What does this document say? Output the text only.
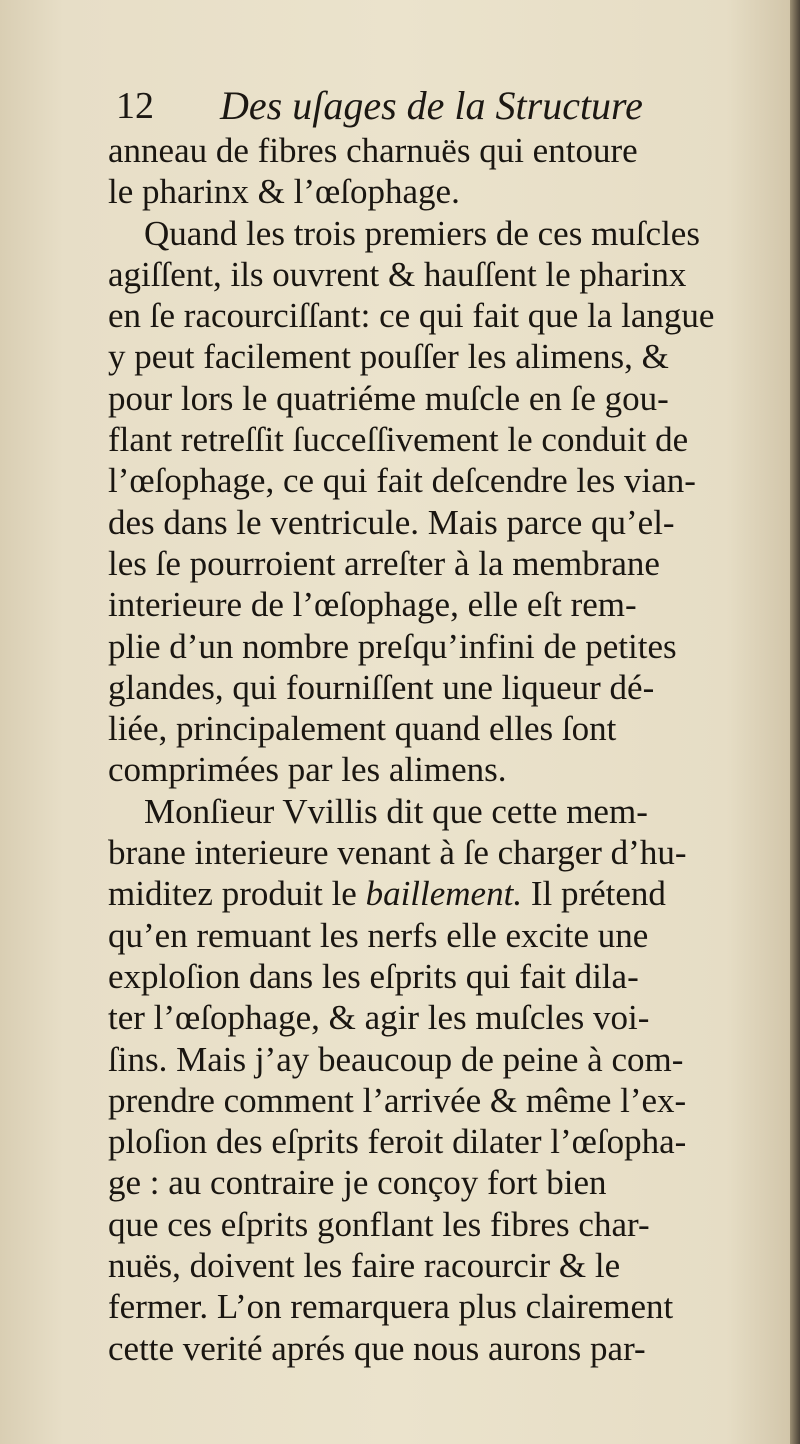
12 Des uſages de la Structure
anneau de fibres charnuës qui entoure
le pharinx & l’œſophage.
Quand les trois premiers de ces muſcles
agiſſent, ils ouvrent & hauſſent le pharinx
en ſe racourciſſant: ce qui fait que la langue
y peut facilement pouſſer les alimens, &
pour lors le quatriéme muſcle en ſe gou-
flant retreſſit ſucceſſivement le conduit de
l’œſophage, ce qui fait deſcendre les vian-
des dans le ventricule. Mais parce qu’el-
les ſe pourroient arreſter à la membrane
interieure de l’œſophage, elle eſt rem-
plie d’un nombre preſqu’infini de petites
glandes, qui fourniſſent une liqueur dé-
liée, principalement quand elles ſont
comprimées par les alimens.
Monſieur Vvillis dit que cette mem-
brane interieure venant à ſe charger d’hu-
miditez produit le baillement. Il prétend
qu’en remuant les nerfs elle excite une
exploſion dans les eſprits qui fait dila-
ter l’œſophage, & agir les muſcles voi-
ſins. Mais j’ay beaucoup de peine à com-
prendre comment l’arrivée & même l’ex-
ploſion des eſprits feroit dilater l’œſopha-
ge : au contraire je conçoy fort bien
que ces eſprits gonflant les fibres char-
nuës, doivent les faire racourcir & le
fermer. L’on remarquera plus clairement
cette verité aprés que nous aurons par-
